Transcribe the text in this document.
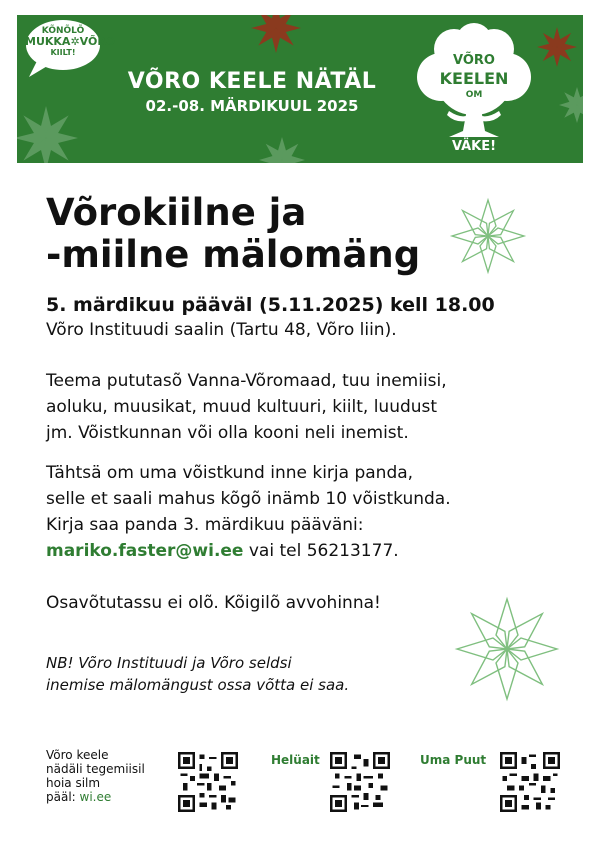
KÕNÕLÕ
MUKKA✲VÕRO
KIILT!
VÕRO KEELE NÄTÄL
02.-08. MÄRDIKUUL 2025
VÕRO
KEELEN
OM
VÄKE!
Võrokiilne ja
-miilne mälomäng
5. märdikuu pääväl (5.11.2025) kell 18.00
Võro Instituudi saalin (Tartu 48, Võro liin).
Teema pututasõ Vanna-Võromaad, tuu inemiisi,
aoluku, muusikat, muud kultuuri, kiilt, luudust
jm. Võistkunnan või olla kooni neli inemist.
Tähtsä om uma võistkund inne kirja panda,
selle et saali mahus kõgõ inämb 10 võistkunda.
Kirja saa panda 3. märdikuu pääväni:
mariko.faster@wi.ee vai tel 56213177.
Osavõtutassu ei olõ. Kõigilõ avvohinna!
NB! Võro Instituudi ja Võro seldsi
inemise mälomängust ossa võtta ei saa.
Võro keele
nädäli tegemiisil
hoia silm
pääl: wi.ee
Helüait	Uma Puut
